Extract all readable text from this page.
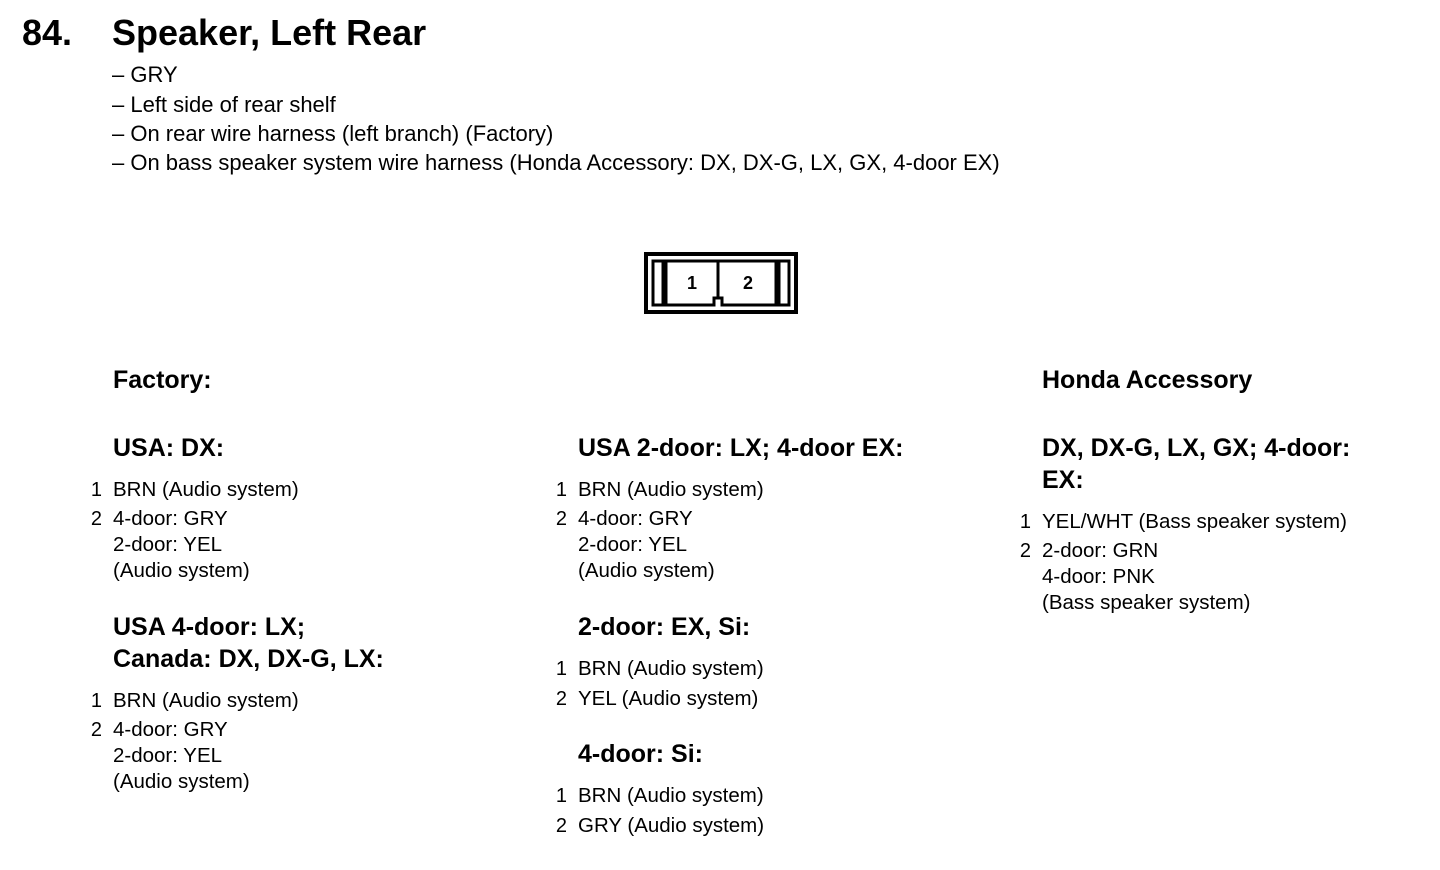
84. Speaker, Left Rear
– GRY
– Left side of rear shelf
– On rear wire harness (left branch) (Factory)
– On bass speaker system wire harness (Honda Accessory: DX, DX-G, LX, GX, 4-door EX)
1	2
Factory:
USA: DX:
1 BRN (Audio system)
2 4-door: GRY
2-door: YEL
(Audio system)
USA 4-door: LX;
Canada: DX, DX-G, LX:
1 BRN (Audio system)
2 4-door: GRY
2-door: YEL
(Audio system)
USA 2-door: LX; 4-door EX:
1 BRN (Audio system)
2 4-door: GRY
2-door: YEL
(Audio system)
2-door: EX, Si:
1 BRN (Audio system)
2 YEL (Audio system)
4-door: Si:
1 BRN (Audio system)
2 GRY (Audio system)
Honda Accessory
DX, DX-G, LX, GX; 4-door:
EX:
1 YEL/WHT (Bass speaker system)
2 2-door: GRN
4-door: PNK
(Bass speaker system)
